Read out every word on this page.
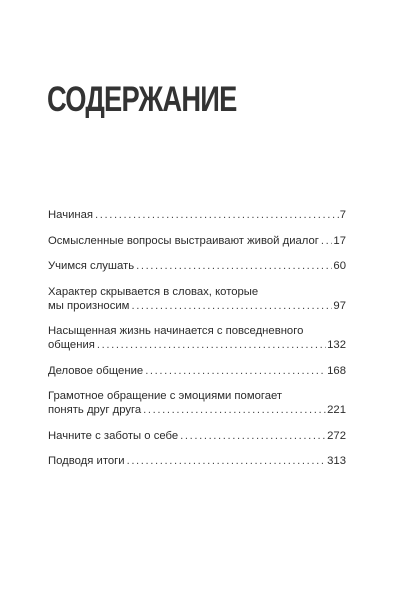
СОДЕРЖАНИЕ
Начиная .....	7
Осмысленные вопросы выстраивают живой диалог ..... 17
Учимся слушать .....	60
Характер скрывается в словах, которые
мы произносим .....	97
Насыщенная жизнь начинается с повседневного
общения .....	132
Деловое общение .....	168
Грамотное обращение с эмоциями помогает
понять друг друга .....	221
Начните с заботы о себе .....	272
Подводя итоги .....	313
